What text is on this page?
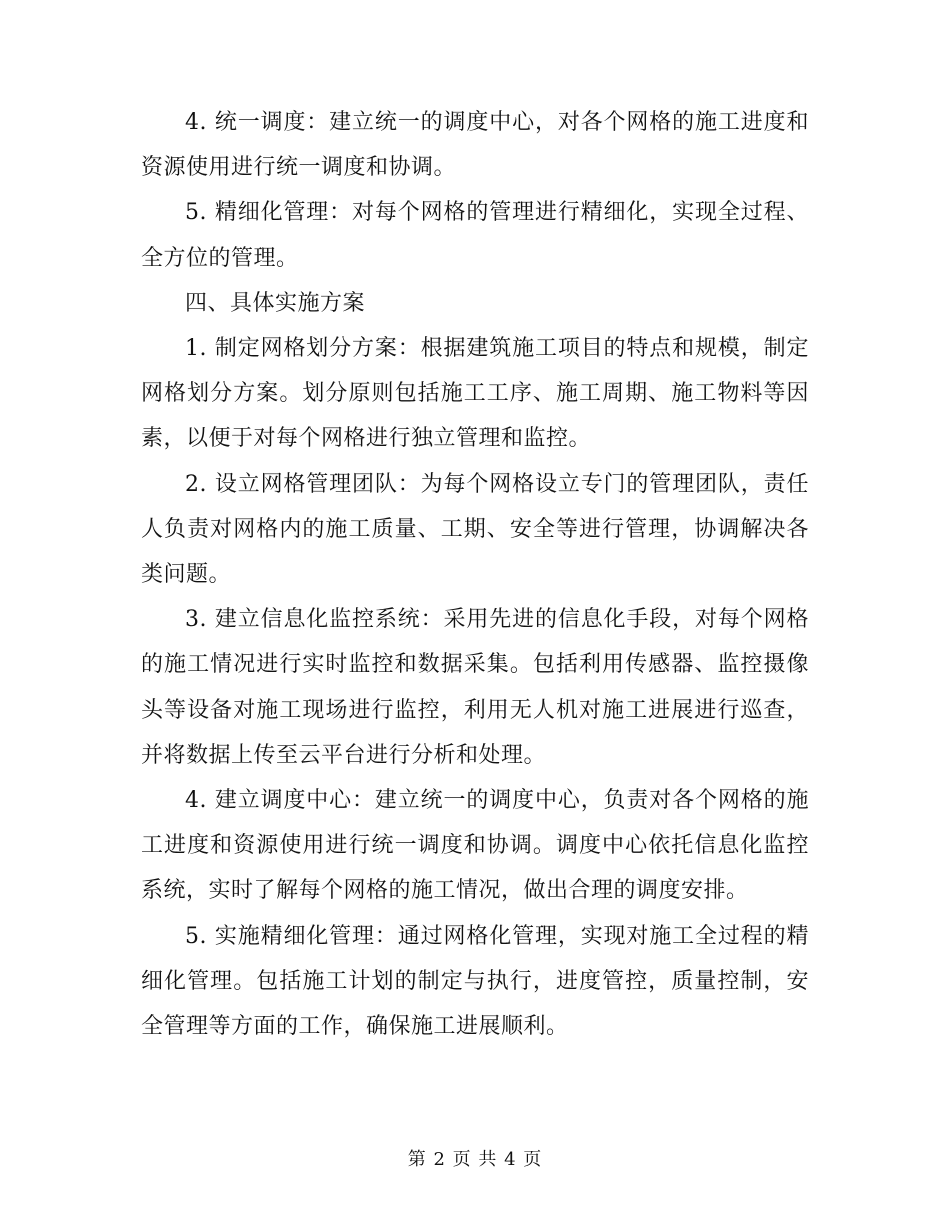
4. 统一调度：建立统一的调度中心，对各个网格的施工进度和资源使用进行统一调度和协调。

5. 精细化管理：对每个网格的管理进行精细化，实现全过程、全方位的管理。

四、具体实施方案

1. 制定网格划分方案：根据建筑施工项目的特点和规模，制定网格划分方案。划分原则包括施工工序、施工周期、施工物料等因素，以便于对每个网格进行独立管理和监控。

2. 设立网格管理团队：为每个网格设立专门的管理团队，责任人负责对网格内的施工质量、工期、安全等进行管理，协调解决各类问题。

3. 建立信息化监控系统：采用先进的信息化手段，对每个网格的施工情况进行实时监控和数据采集。包括利用传感器、监控摄像头等设备对施工现场进行监控，利用无人机对施工进展进行巡查，并将数据上传至云平台进行分析和处理。

4. 建立调度中心：建立统一的调度中心，负责对各个网格的施工进度和资源使用进行统一调度和协调。调度中心依托信息化监控系统，实时了解每个网格的施工情况，做出合理的调度安排。

5. 实施精细化管理：通过网格化管理，实现对施工全过程的精细化管理。包括施工计划的制定与执行，进度管控，质量控制，安全管理等方面的工作，确保施工进展顺利。

第 2 页 共 4 页
